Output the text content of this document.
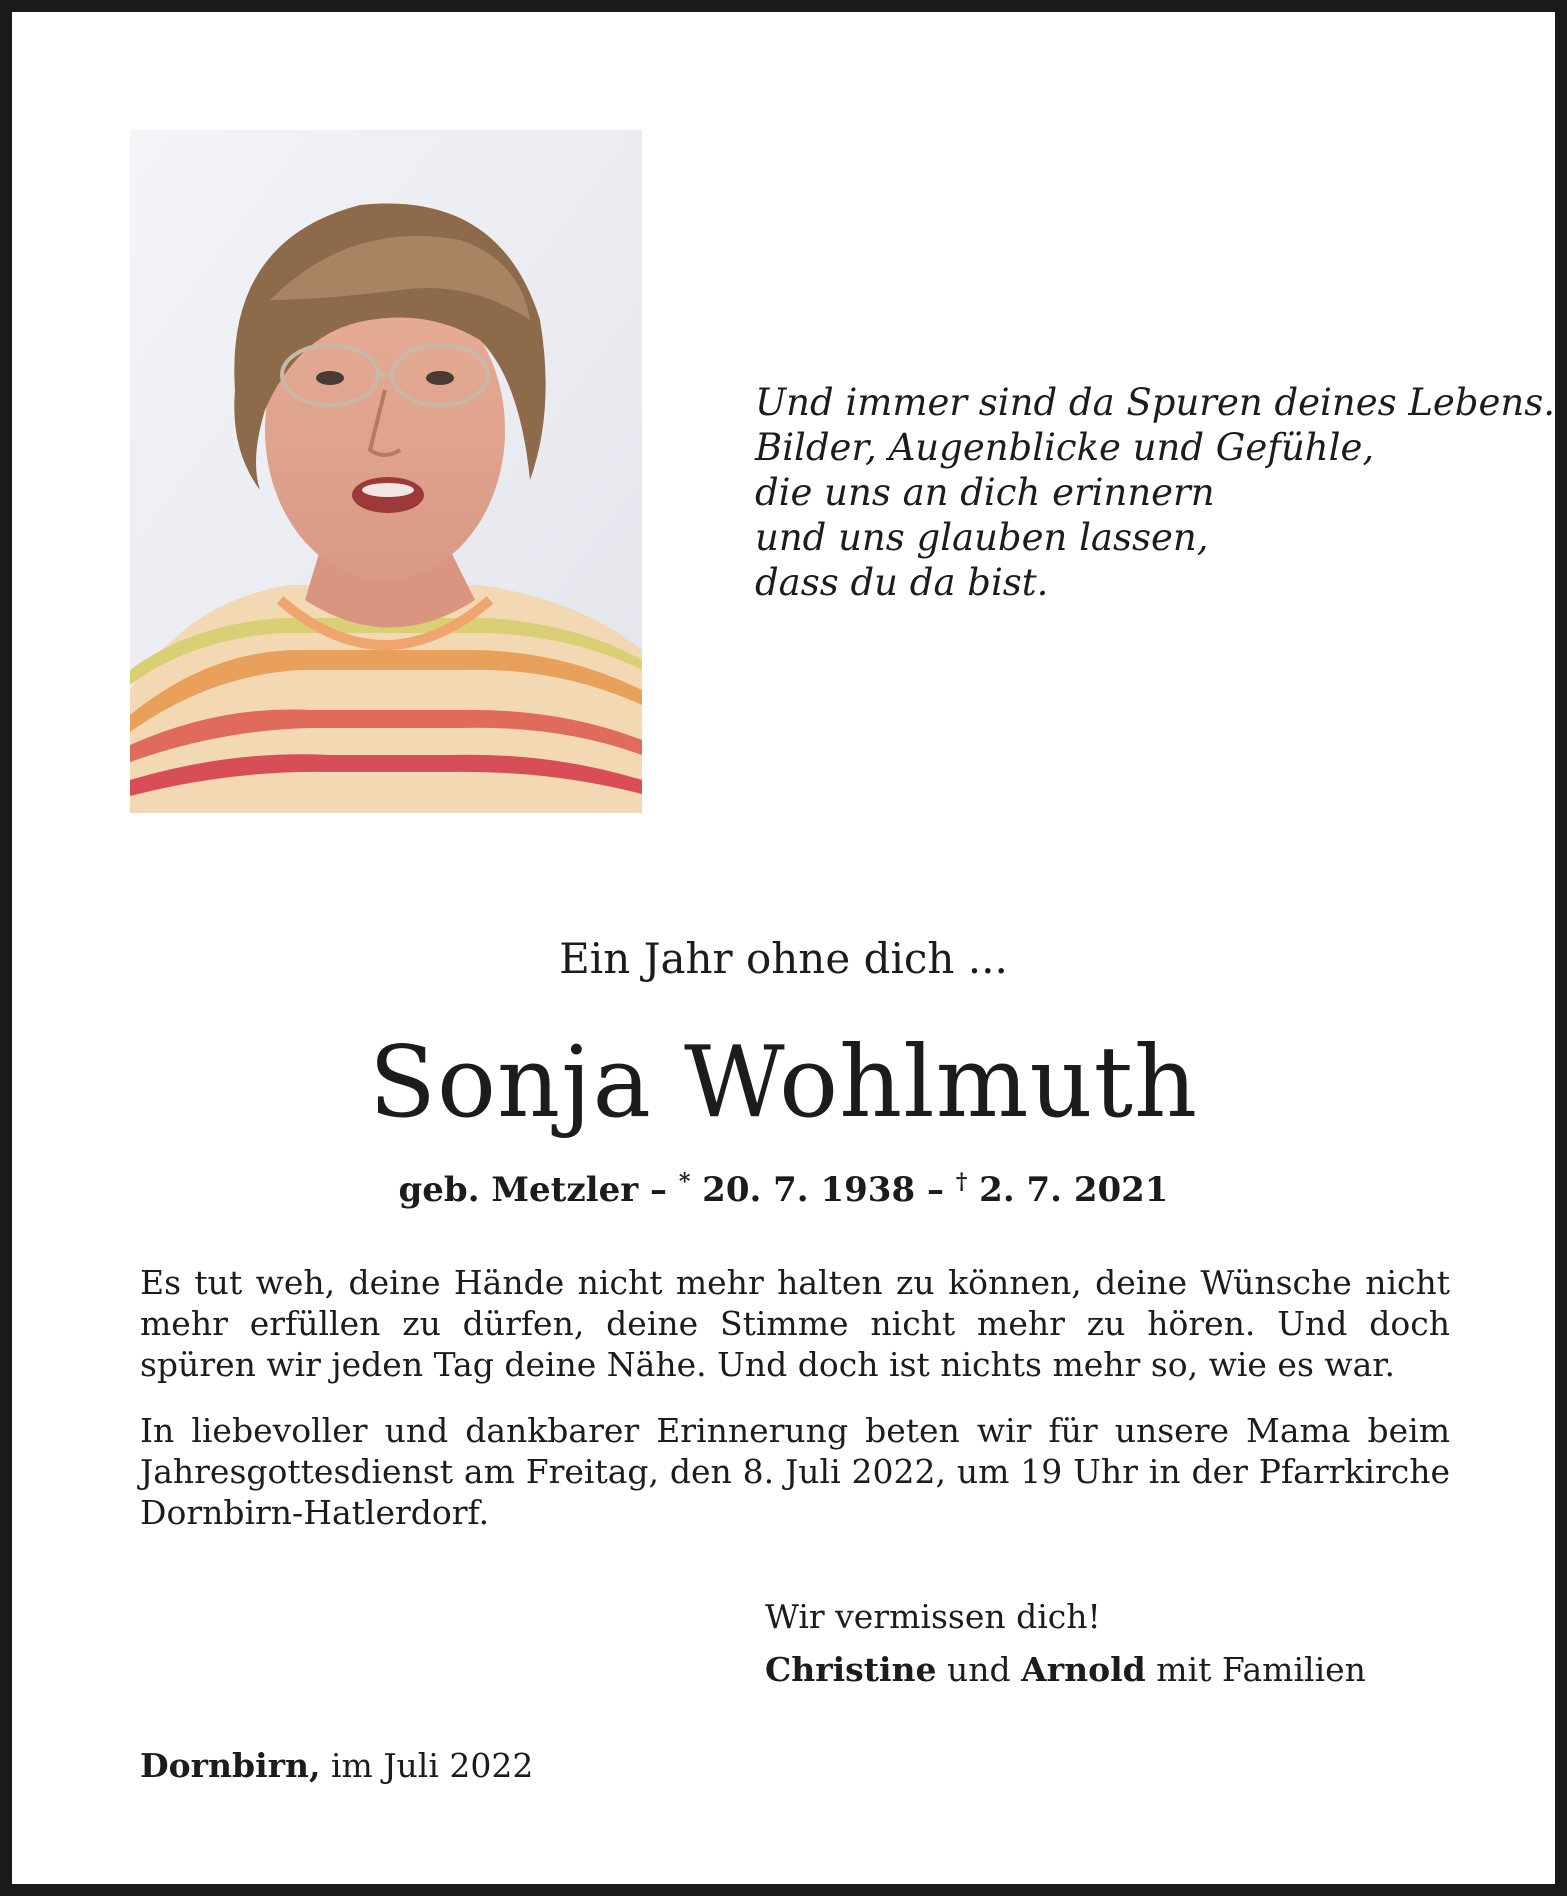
Und immer sind da Spuren deines Lebens.
Bilder, Augenblicke und Gefühle,
die uns an dich erinnern
und uns glauben lassen,
dass du da bist.
Ein Jahr ohne dich ...
Sonja Wohlmuth
geb. Metzler – * 20. 7. 1938 – † 2. 7. 2021
Es tut weh, deine Hände nicht mehr halten zu können, deine Wünsche nicht mehr erfüllen zu dürfen, deine Stimme nicht mehr zu hören. Und doch spüren wir jeden Tag deine Nähe. Und doch ist nichts mehr so, wie es war.
In liebevoller und dankbarer Erinnerung beten wir für unsere Mama beim Jahresgottesdienst am Freitag, den 8. Juli 2022, um 19 Uhr in der Pfarrkirche Dornbirn-Hatlerdorf.
Wir vermissen dich!
Christine und Arnold mit Familien
Dornbirn, im Juli 2022
